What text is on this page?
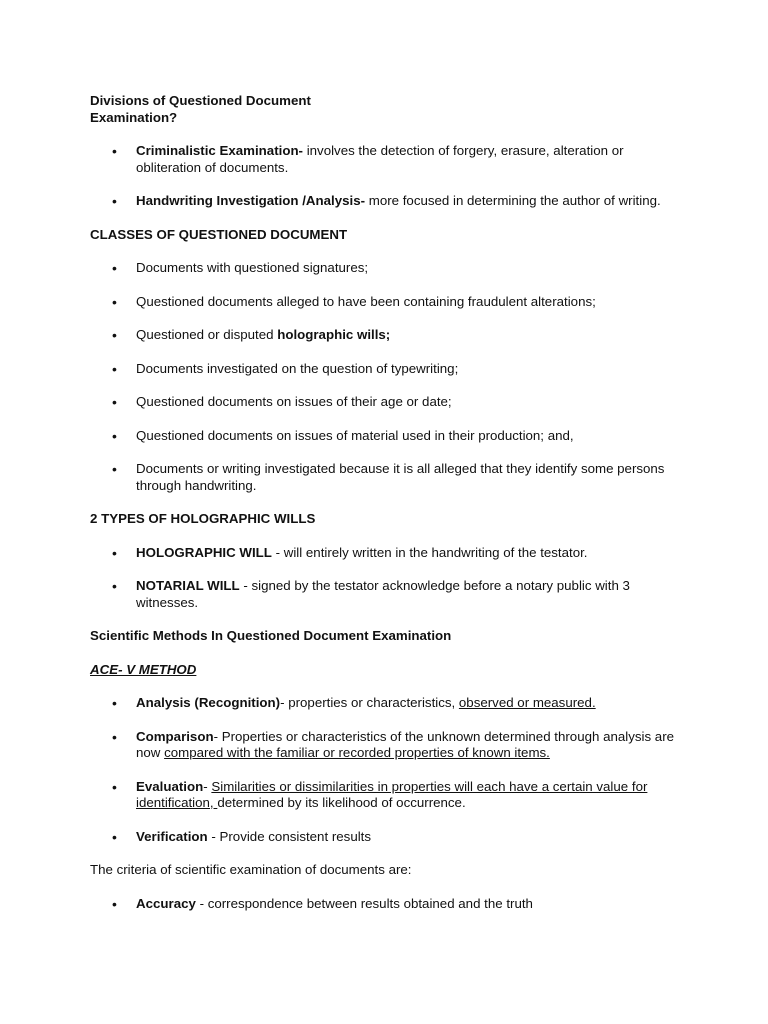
Divisions of Questioned Document
Examination?
• Criminalistic Examination- involves the detection of forgery, erasure, alteration or obliteration of documents.
• Handwriting Investigation /Analysis- more focused in determining the author of writing.
CLASSES OF QUESTIONED DOCUMENT
• Documents with questioned signatures;
• Questioned documents alleged to have been containing fraudulent alterations;
• Questioned or disputed holographic wills;
• Documents investigated on the question of typewriting;
• Questioned documents on issues of their age or date;
• Questioned documents on issues of material used in their production; and,
• Documents or writing investigated because it is all alleged that they identify some persons through handwriting.
2 TYPES OF HOLOGRAPHIC WILLS
• HOLOGRAPHIC WILL - will entirely written in the handwriting of the testator.
• NOTARIAL WILL - signed by the testator acknowledge before a notary public with 3 witnesses.
Scientific Methods In Questioned Document Examination
ACE- V METHOD
• Analysis (Recognition)- properties or characteristics, observed or measured.
• Comparison- Properties or characteristics of the unknown determined through analysis are now compared with the familiar or recorded properties of known items.
• Evaluation- Similarities or dissimilarities in properties will each have a certain value for identification, determined by its likelihood of occurrence.
• Verification - Provide consistent results
The criteria of scientific examination of documents are:
• Accuracy - correspondence between results obtained and the truth
